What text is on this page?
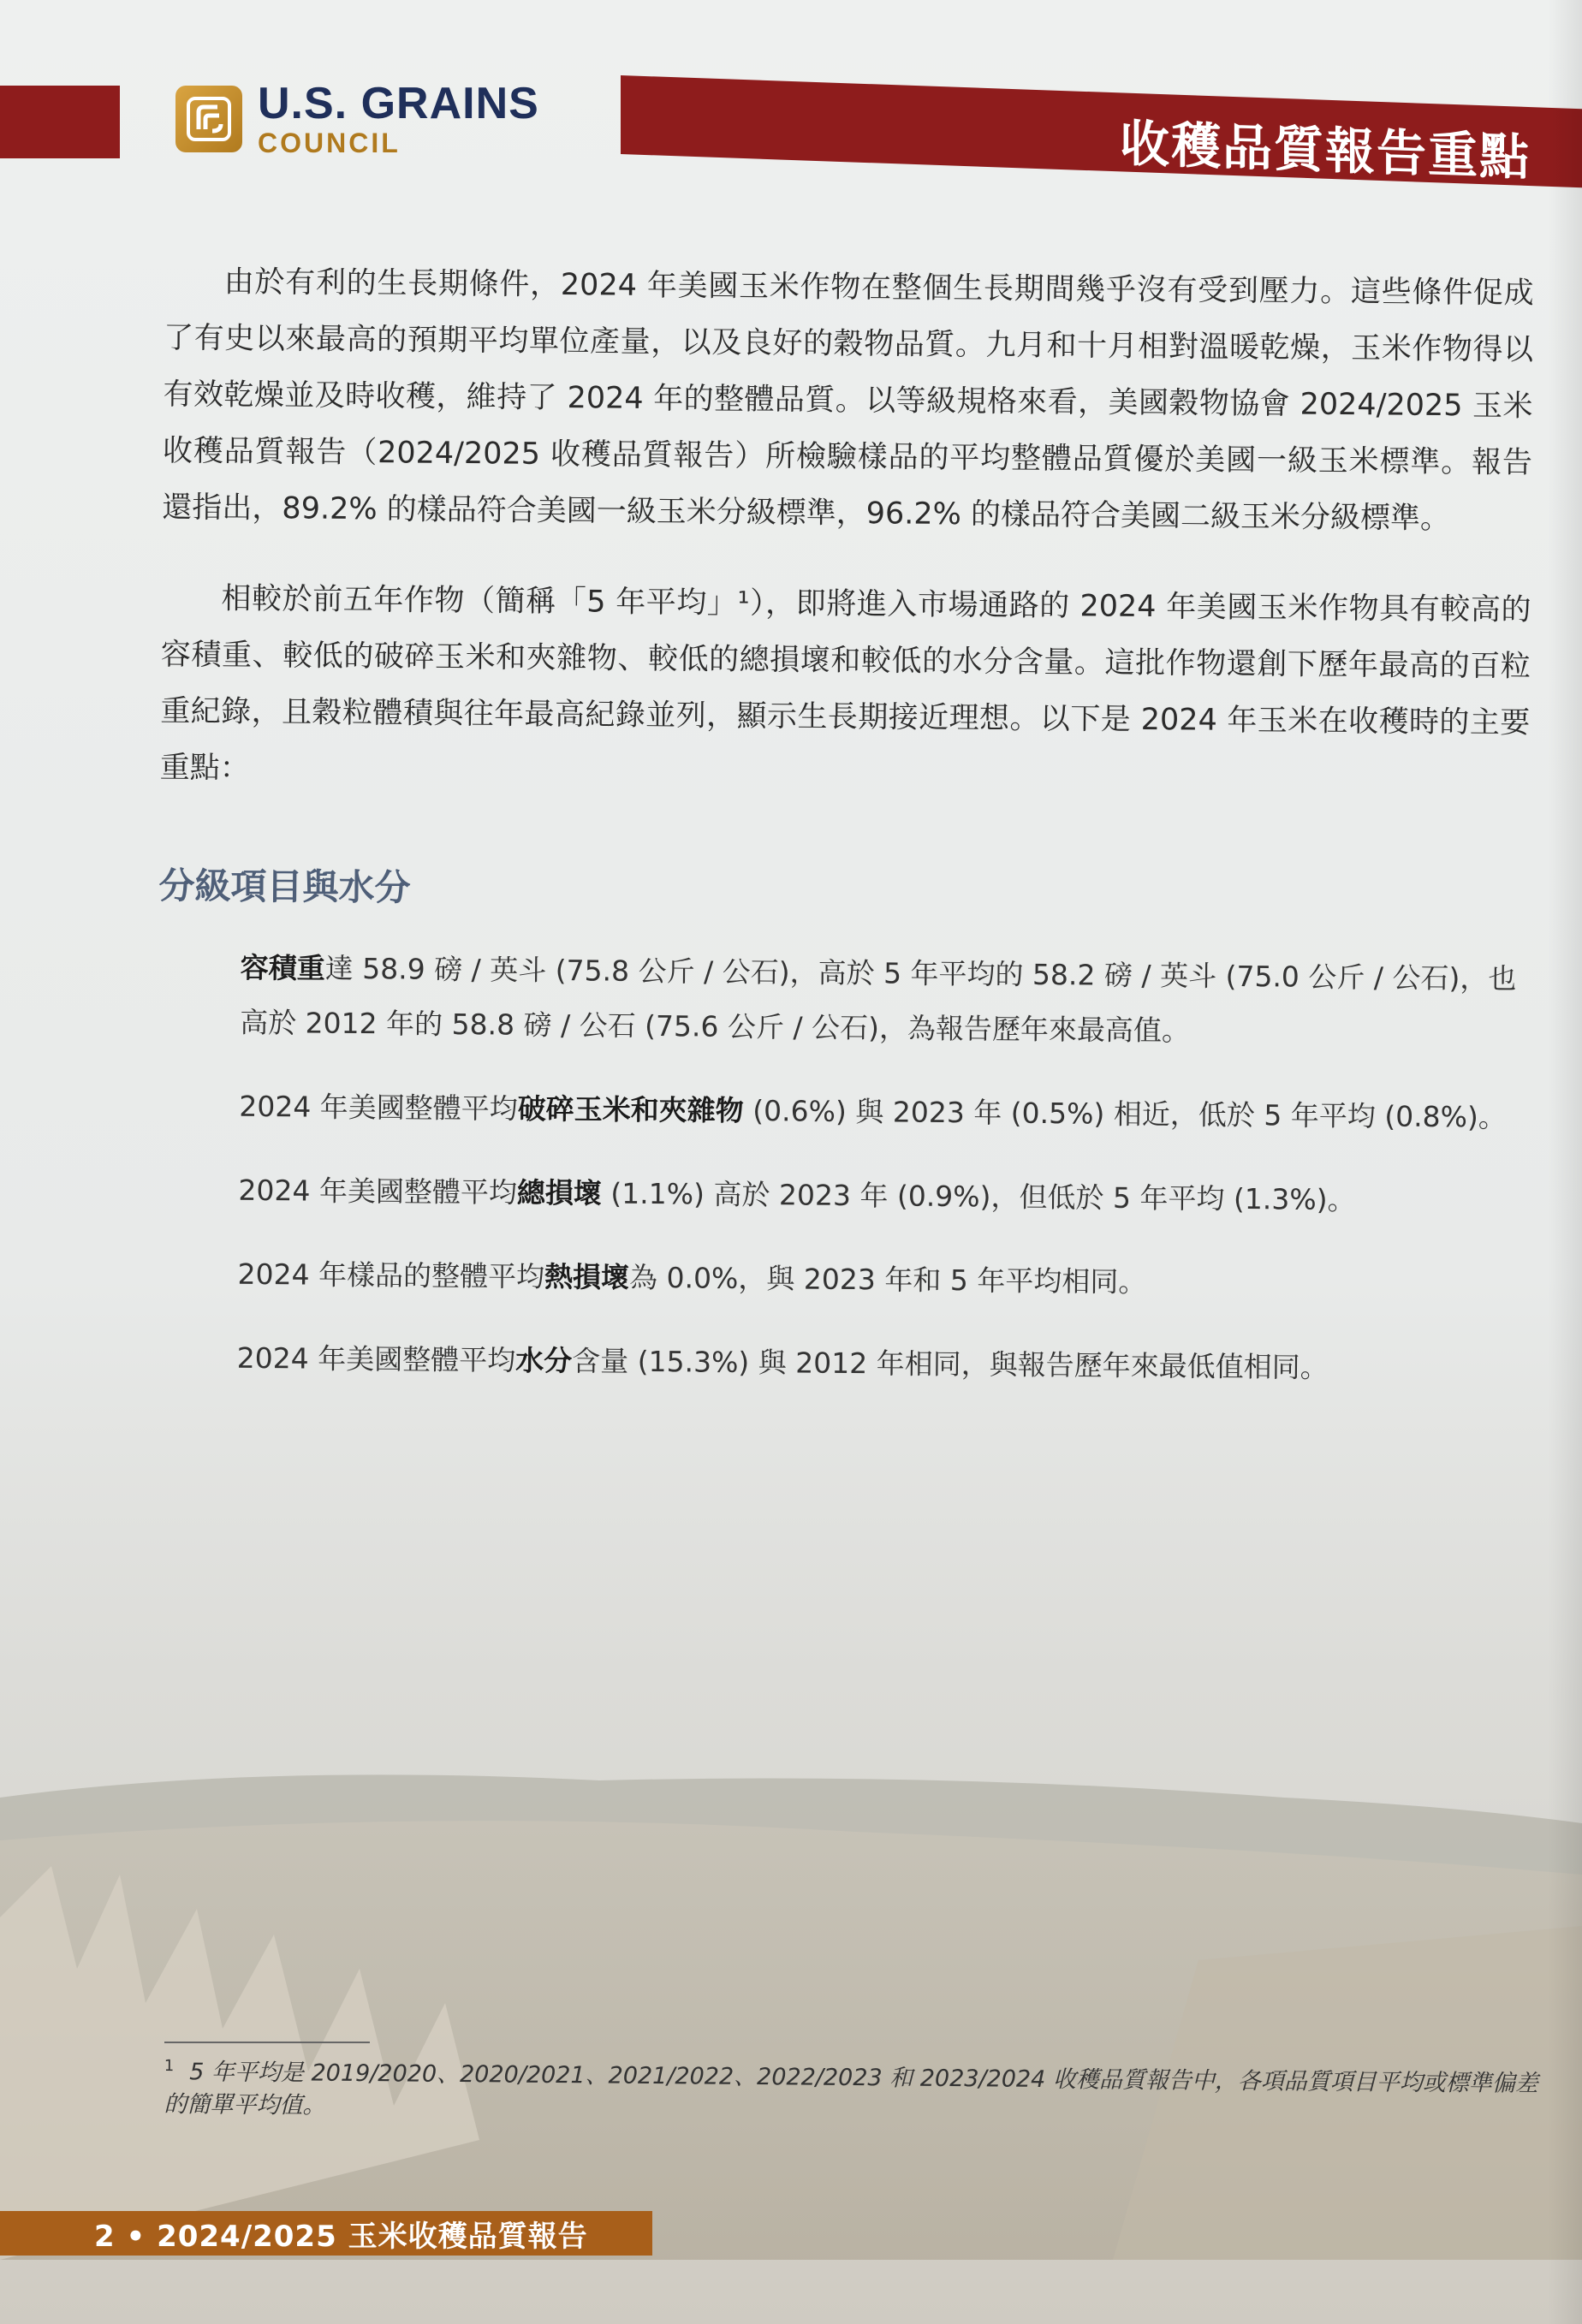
U.S. GRAINS
COUNCIL	收穫品質報告重點

由於有利的生長期條件，2024 年美國玉米作物在整個生長期間幾乎沒有受到壓力。這些條件促成了有史以來最高的預期平均單位產量，以及良好的穀物品質。九月和十月相對溫暖乾燥，玉米作物得以有效乾燥並及時收穫，維持了 2024 年的整體品質。以等級規格來看，美國穀物協會 2024/2025 玉米收穫品質報告（2024/2025 收穫品質報告）所檢驗樣品的平均整體品質優於美國一級玉米標準。報告還指出，89.2% 的樣品符合美國一級玉米分級標準，96.2% 的樣品符合美國二級玉米分級標準。

相較於前五年作物（簡稱「5 年平均」¹），即將進入市場通路的 2024 年美國玉米作物具有較高的容積重、較低的破碎玉米和夾雜物、較低的總損壞和較低的水分含量。這批作物還創下歷年最高的百粒重紀錄，且穀粒體積與往年最高紀錄並列，顯示生長期接近理想。以下是 2024 年玉米在收穫時的主要重點：

分級項目與水分
容積重達 58.9 磅 / 英斗 (75.8 公斤 / 公石)，高於 5 年平均的 58.2 磅 / 英斗 (75.0 公斤 / 公石)，也高於 2012 年的 58.8 磅 / 公石 (75.6 公斤 / 公石)，為報告歷年來最高值。
2024 年美國整體平均破碎玉米和夾雜物 (0.6%) 與 2023 年 (0.5%) 相近，低於 5 年平均 (0.8%)。
2024 年美國整體平均總損壞 (1.1%) 高於 2023 年 (0.9%)，但低於 5 年平均 (1.3%)。
2024 年樣品的整體平均熱損壞為 0.0%，與 2023 年和 5 年平均相同。
2024 年美國整體平均水分含量 (15.3%) 與 2012 年相同，與報告歷年來最低值相同。
$^1$ 5 年平均是 2019/2020、2020/2021、2021/2022、2022/2023 和 2023/2024 收穫品質報告中，各項品質項目平均或標準偏差的簡單平均值。
2 • 2024/2025 玉米收穫品質報告
